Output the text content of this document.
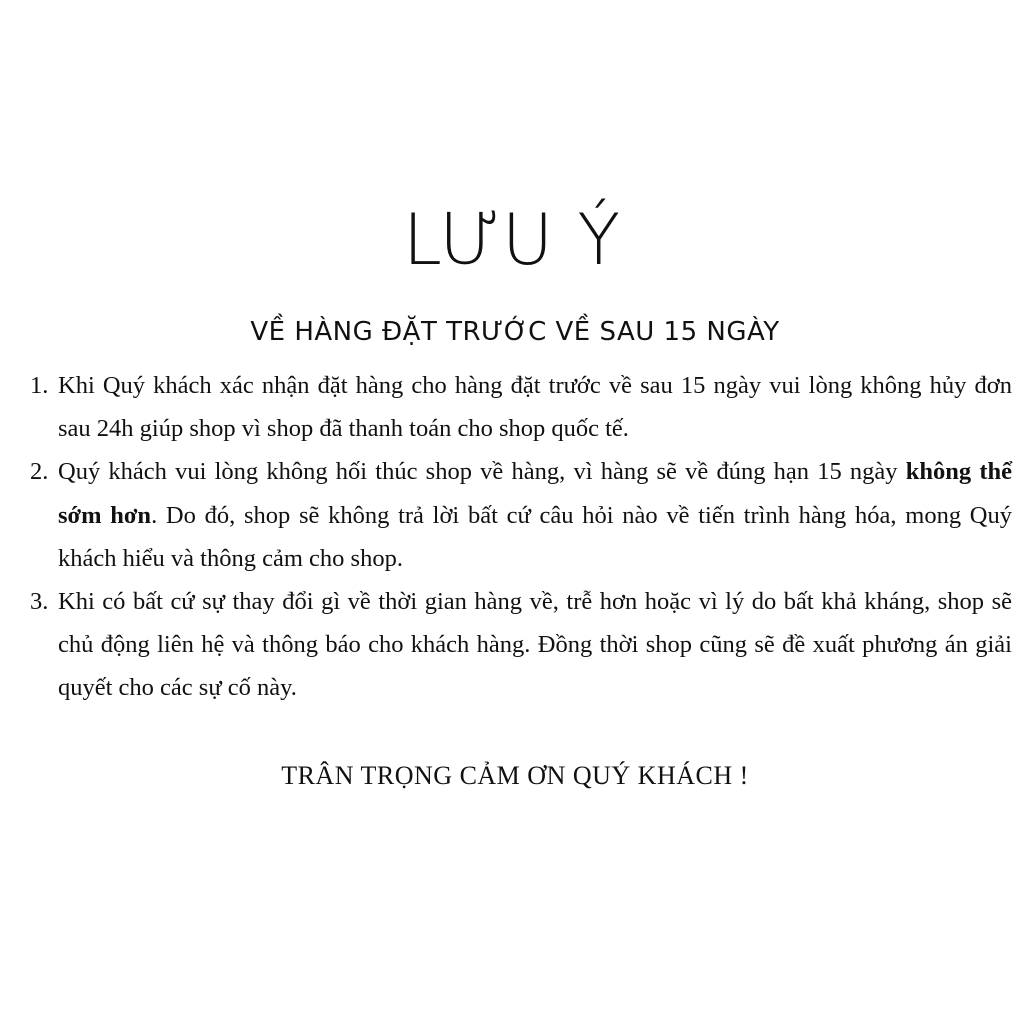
LƯU Ý
VỀ HÀNG ĐẶT TRƯỚC VỀ SAU 15 NGÀY
1. Khi Quý khách xác nhận đặt hàng cho hàng đặt trước về sau 15 ngày vui lòng không hủy đơn sau 24h giúp shop vì shop đã thanh toán cho shop quốc tế.
2. Quý khách vui lòng không hối thúc shop về hàng, vì hàng sẽ về đúng hạn 15 ngày không thể sớm hơn. Do đó, shop sẽ không trả lời bất cứ câu hỏi nào về tiến trình hàng hóa, mong Quý khách hiểu và thông cảm cho shop.
3. Khi có bất cứ sự thay đổi gì về thời gian hàng về, trễ hơn hoặc vì lý do bất khả kháng, shop sẽ chủ động liên hệ và thông báo cho khách hàng. Đồng thời shop cũng sẽ đề xuất phương án giải quyết cho các sự cố này.
TRÂN TRỌNG CẢM ƠN QUÝ KHÁCH !
